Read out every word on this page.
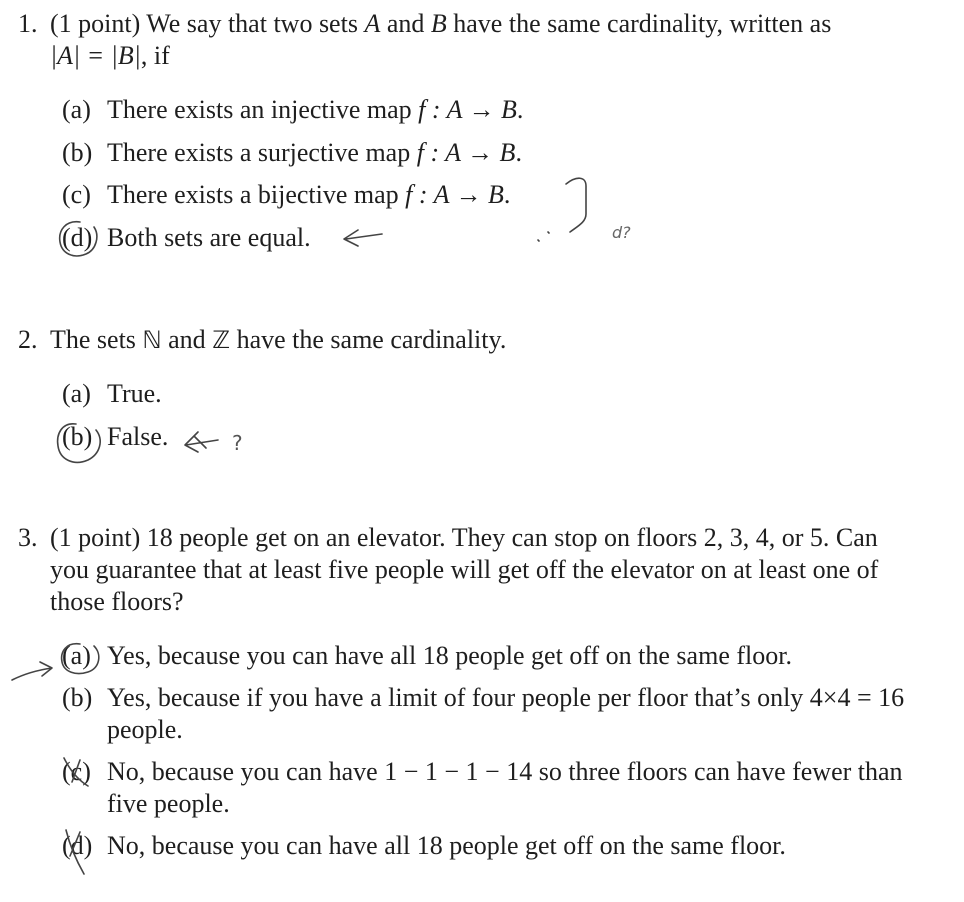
1. (1 point) We say that two sets A and B have the same cardinality, written as
|A| = |B|, if
(a) There exists an injective map f : A → B.
(b) There exists a surjective map f : A → B.
(c) There exists a bijective map f : A → B.
(d) Both sets are equal.
2. The sets ℕ and ℤ have the same cardinality.
(a) True.
(b) False.
3. (1 point) 18 people get on an elevator. They can stop on floors 2, 3, 4, or 5. Can
you guarantee that at least five people will get off the elevator on at least one of
those floors?
(a) Yes, because you can have all 18 people get off on the same floor.
(b) Yes, because if you have a limit of four people per floor that’s only 4×4 = 16
people.
(c) No, because you can have 1 − 1 − 1 − 14 so three floors can have fewer than
five people.
(d) No, because you can have all 18 people get off on the same floor.
d?
?
